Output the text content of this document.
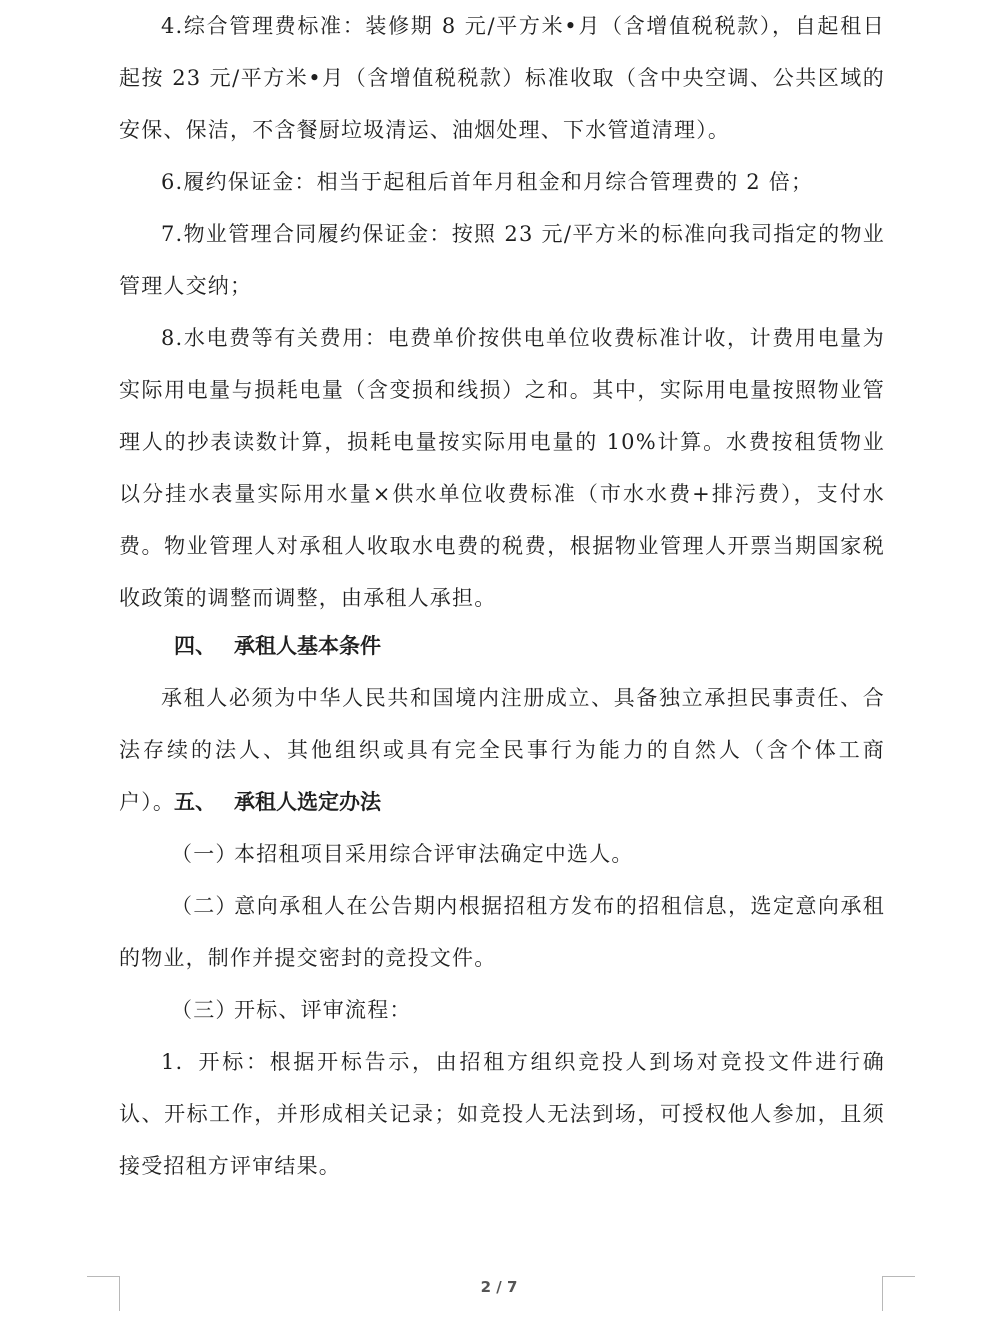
4.综合管理费标准：装修期 8 元/平方米•月（含增值税税款），自起租日起按 23 元/平方米•月（含增值税税款）标准收取（含中央空调、公共区域的安保、保洁，不含餐厨垃圾清运、油烟处理、下水管道清理）。
6.履约保证金：相当于起租后首年月租金和月综合管理费的 2 倍；
7.物业管理合同履约保证金：按照 23 元/平方米的标准向我司指定的物业管理人交纳；
8.水电费等有关费用：电费单价按供电单位收费标准计收，计费用电量为实际用电量与损耗电量（含变损和线损）之和。其中，实际用电量按照物业管理人的抄表读数计算，损耗电量按实际用电量的 10%计算。水费按租赁物业以分挂水表量实际用水量×供水单位收费标准（市水水费+排污费），支付水费。物业管理人对承租人收取水电费的税费，根据物业管理人开票当期国家税收政策的调整而调整，由承租人承担。
四、 承租人基本条件
承租人必须为中华人民共和国境内注册成立、具备独立承担民事责任、合法存续的法人、其他组织或具有完全民事行为能力的自然人（含个体工商户）。
五、 承租人选定办法
（一）本招租项目采用综合评审法确定中选人。
（二）意向承租人在公告期内根据招租方发布的招租信息，选定意向承租的物业，制作并提交密封的竞投文件。
（三）开标、评审流程：
1. 开标：根据开标告示，由招租方组织竞投人到场对竞投文件进行确认、开标工作，并形成相关记录；如竞投人无法到场，可授权他人参加，且须接受招租方评审结果。
2 / 7
